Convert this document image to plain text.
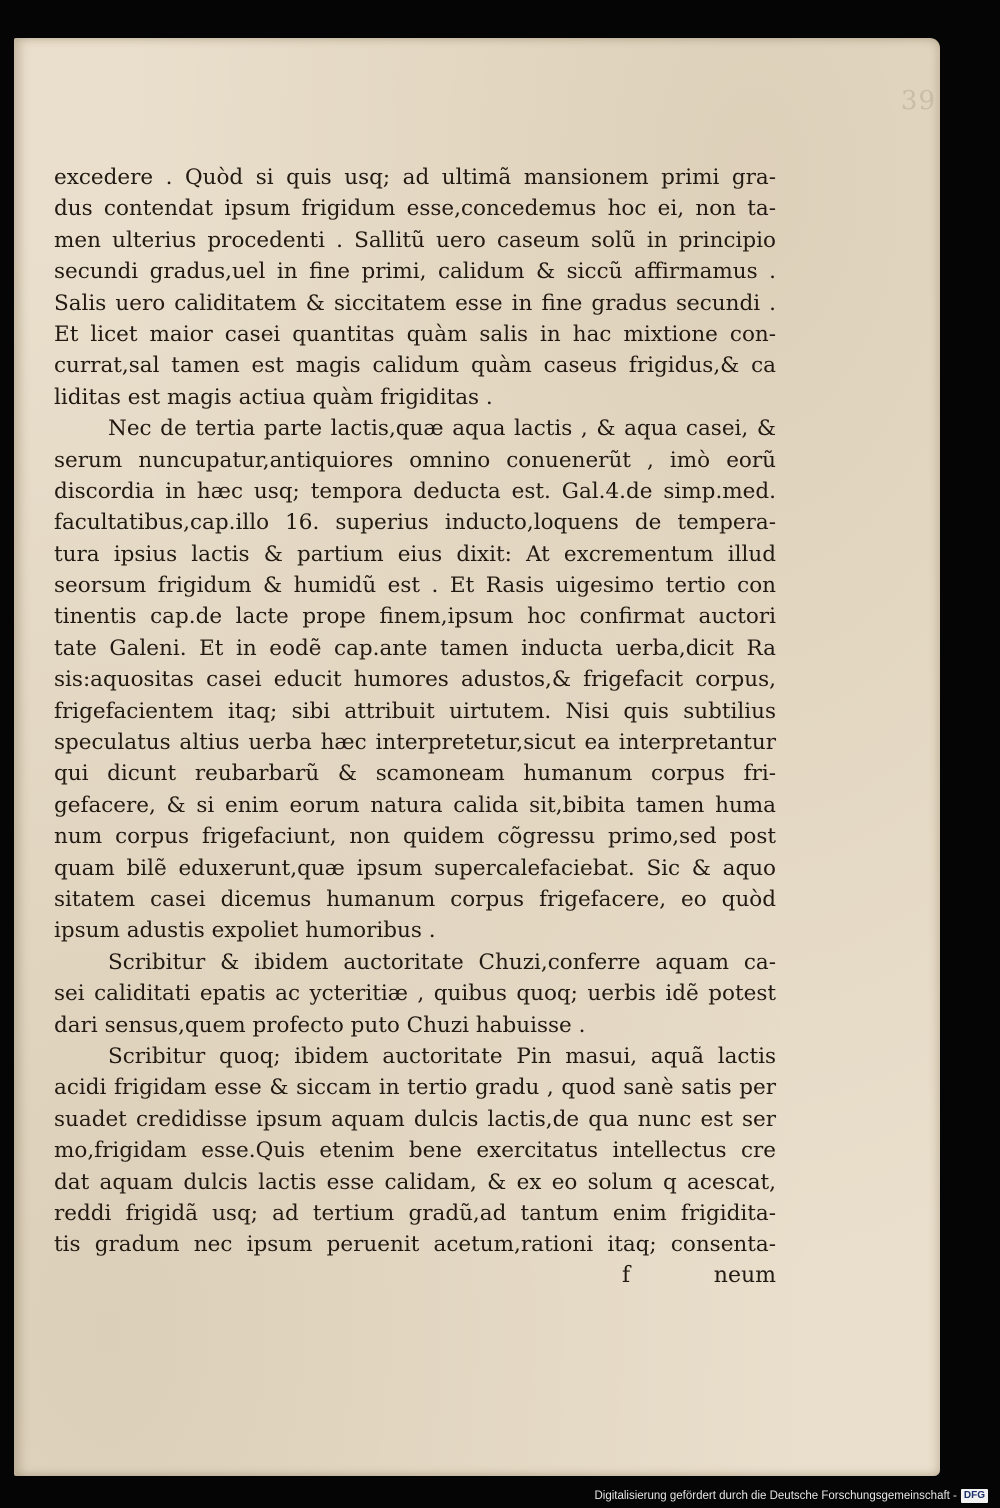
39
excedere . Quòd si quis usq; ad ultimã mansionem primi gra-
dus contendat ipsum frigidum esse,concedemus hoc ei, non ta-
men ulterius procedenti . Sallitũ uero caseum solũ in principio
secundi gradus,uel in fine primi, calidum & siccũ affirmamus .
Salis uero caliditatem & siccitatem esse in fine gradus secundi .
Et licet maior casei quantitas quàm salis in hac mixtione con-
currat,sal tamen est magis calidum quàm caseus frigidus,& ca
liditas est magis actiua quàm frigiditas .
Nec de tertia parte lactis,quæ aqua lactis , & aqua casei, &
serum nuncupatur,antiquiores omnino conuenerũt , imò eorũ
discordia in hæc usq; tempora deducta est. Gal.4.de simp.med.
facultatibus,cap.illo 16. superius inducto,loquens de tempera-
tura ipsius lactis & partium eius dixit: At excrementum illud
seorsum frigidum & humidũ est . Et Rasis uigesimo tertio con
tinentis cap.de lacte prope finem,ipsum hoc confirmat auctori
tate Galeni. Et in eodẽ cap.ante tamen inducta uerba,dicit Ra
sis:aquositas casei educit humores adustos,& frigefacit corpus,
frigefacientem itaq; sibi attribuit uirtutem. Nisi quis subtilius
speculatus altius uerba hæc interpretetur,sicut ea interpretantur
qui dicunt reubarbarũ & scamoneam humanum corpus fri-
gefacere, & si enim eorum natura calida sit,bibita tamen huma
num corpus frigefaciunt, non quidem cõgressu primo,sed post
quam bilẽ eduxerunt,quæ ipsum supercalefaciebat. Sic & aquo
sitatem casei dicemus humanum corpus frigefacere, eo quòd
ipsum adustis expoliet humoribus .
Scribitur & ibidem auctoritate Chuzi,conferre aquam ca-
sei caliditati epatis ac ycteritiæ , quibus quoq; uerbis idẽ potest
dari sensus,quem profecto puto Chuzi habuisse .
Scribitur quoq; ibidem auctoritate Pin masui, aquã lactis
acidi frigidam esse & siccam in tertio gradu , quod sanè satis per
suadet credidisse ipsum aquam dulcis lactis,de qua nunc est ser
mo,frigidam esse.Quis etenim bene exercitatus intellectus cre
dat aquam dulcis lactis esse calidam, & ex eo solum q acescat,
reddi frigidã usq; ad tertium gradũ,ad tantum enim frigidita-
tis gradum nec ipsum peruenit acetum,rationi itaq; consenta-
f	neum
Digitalisierung gefördert durch die Deutsche Forschungsgemeinschaft - DFG
